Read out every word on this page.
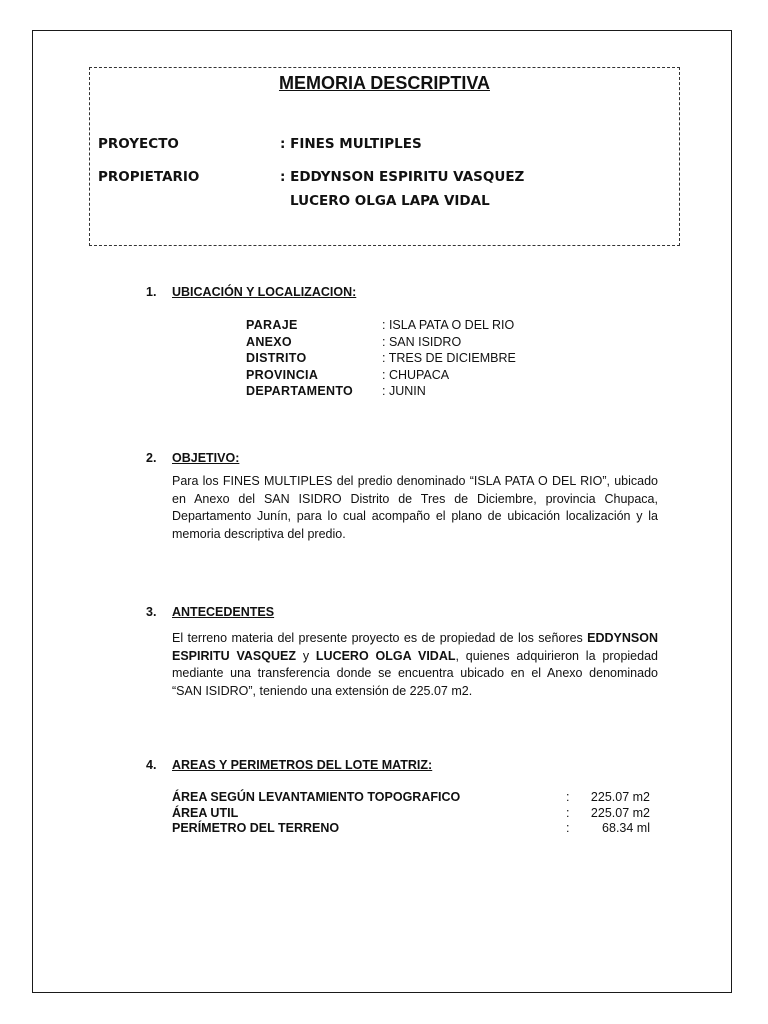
MEMORIA DESCRIPTIVA
PROYECTO	: FINES MULTIPLES
PROPIETARIO	: EDDYNSON ESPIRITU VASQUEZ
LUCERO OLGA LAPA VIDAL
1. UBICACIÓN Y LOCALIZACION:
PARAJE	: ISLA PATA O DEL RIO
ANEXO	: SAN ISIDRO
DISTRITO	: TRES DE DICIEMBRE
PROVINCIA	: CHUPACA
DEPARTAMENTO : JUNIN
2. OBJETIVO:
Para los FINES MULTIPLES del predio denominado “ISLA PATA O DEL RIO”, ubicado en Anexo del SAN ISIDRO Distrito de Tres de Diciembre, provincia Chupaca, Departamento Junín, para lo cual acompaño el plano de ubicación localización y la memoria descriptiva del predio.
3. ANTECEDENTES
El terreno materia del presente proyecto es de propiedad de los señores EDDYNSON ESPIRITU VASQUEZ y LUCERO OLGA VIDAL, quienes adquirieron la propiedad mediante una transferencia donde se encuentra ubicado en el Anexo denominado “SAN ISIDRO”, teniendo una extensión de 225.07 m2.
4. AREAS Y PERIMETROS DEL LOTE MATRIZ:
ÁREA SEGÚN LEVANTAMIENTO TOPOGRAFICO	: 225.07 m2
ÁREA UTIL	: 225.07 m2
PERÍMETRO DEL TERRENO	:	68.34 ml
